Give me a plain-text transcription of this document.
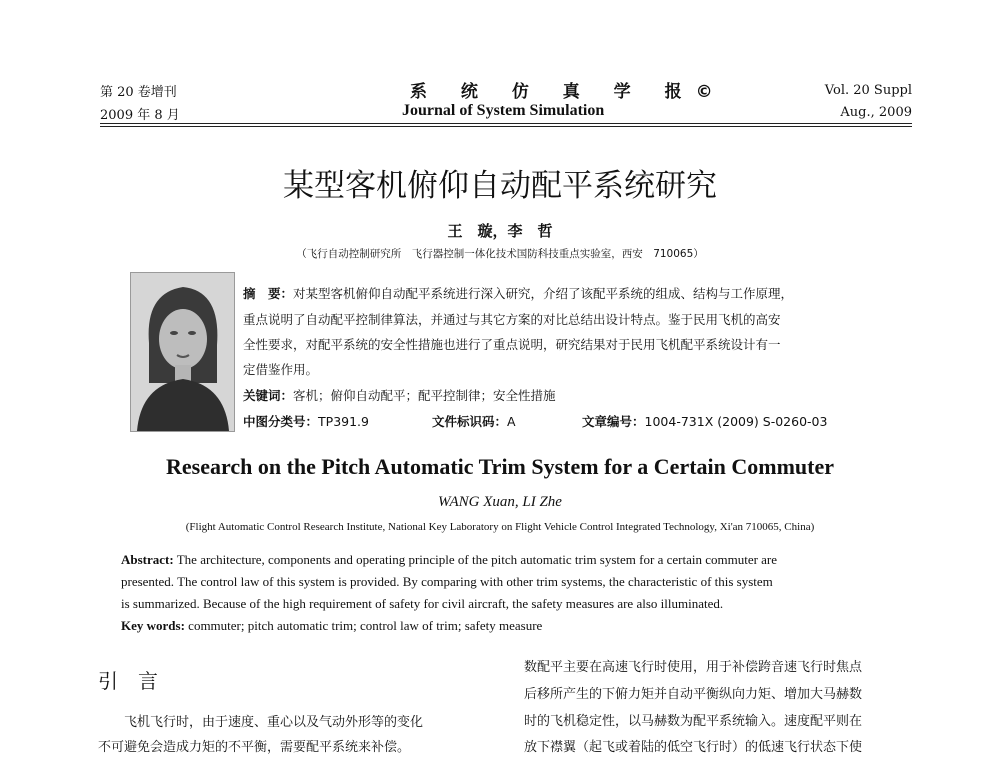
第 20 卷增刊
2009 年 8 月
系 统 仿 真 学 报©
Journal of System Simulation
Vol. 20 Suppl
Aug., 2009
某型客机俯仰自动配平系统研究
王　璇，李　哲
（飞行自动控制研究所　飞行器控制一体化技术国防科技重点实验室，西安　710065）
摘　要：对某型客机俯仰自动配平系统进行深入研究，介绍了该配平系统的组成、结构与工作原理，
重点说明了自动配平控制律算法，并通过与其它方案的对比总结出设计特点。鉴于民用飞机的高安
全性要求，对配平系统的安全性措施也进行了重点说明，研究结果对于民用飞机配平系统设计有一
定借鉴作用。
关键词：客机；俯仰自动配平；配平控制律；安全性措施
中图分类号：TP391.9	文件标识码：A	文章编号：1004-731X (2009) S-0260-03
Research on the Pitch Automatic Trim System for a Certain Commuter
WANG Xuan, LI Zhe
(Flight Automatic Control Research Institute, National Key Laboratory on Flight Vehicle Control Integrated Technology, Xi'an 710065, China)
Abstract: The architecture, components and operating principle of the pitch automatic trim system for a certain commuter are
presented. The control law of this system is provided. By comparing with other trim systems, the characteristic of this system
is summarized. Because of the high requirement of safety for civil aircraft, the safety measures are also illuminated.
Key words: commuter; pitch automatic trim; control law of trim; safety measure
引言
飞机飞行时，由于速度、重心以及气动外形等的变化
不可避免会造成力矩的不平衡，需要配平系统来补偿。
数配平主要在高速飞行时使用，用于补偿跨音速飞行时焦点
后移所产生的下俯力矩并自动平衡纵向力矩、增加大马赫数
时的飞机稳定性，以马赫数为配平系统输入。速度配平则在
放下襟翼（起飞或着陆的低空飞行时）的低速飞行状态下使
